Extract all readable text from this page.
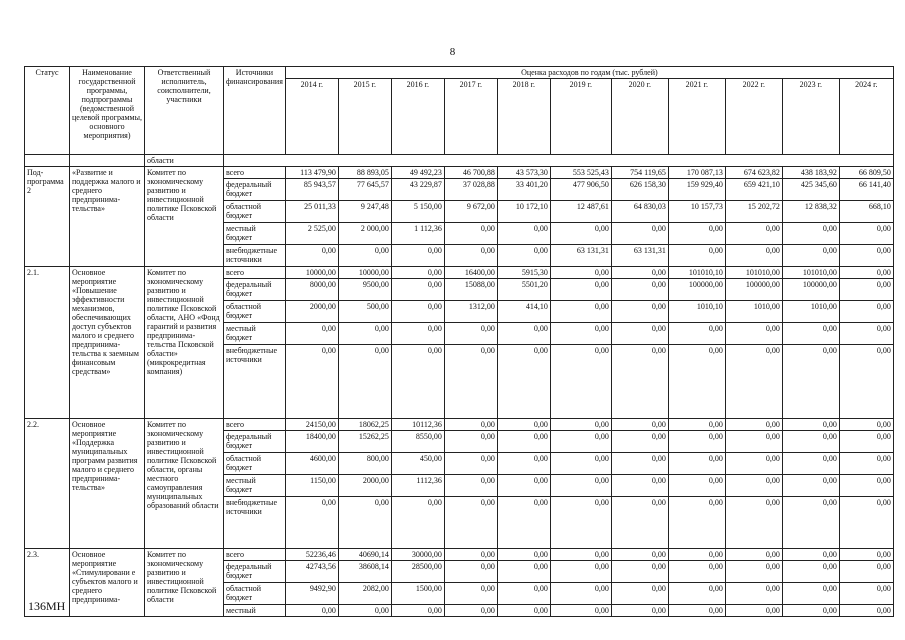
8
Статус	Наименование государственной программы, подпрограммы (ведомственной целевой программы, основного мероприятия)	Ответственный исполнитель, соисполнители, участники	Источники финансирования	Оценка расходов по годам (тыс. рублей)										
				2014 г.	2015 г.	2016 г.	2017 г.	2018 г.	2019 г.	2020 г.	2021 г.	2022 г.	2023 г.	2024 г.
		области												
Под-программа 2	«Развитие и поддержка малого и среднего предпринима-тельства»	Комитет по экономическому развитию и инвестиционной политике Псковской области	всего	113 479,90	88 893,05	49 492,23	46 700,88	43 573,30	553 525,43	754 119,65	170 087,13	674 623,82	438 183,92	66 809,50
			федеральный бюджет	85 943,57	77 645,57	43 229,87	37 028,88	33 401,20	477 906,50	626 158,30	159 929,40	659 421,10	425 345,60	66 141,40
			областной бюджет	25 011,33	9 247,48	5 150,00	9 672,00	10 172,10	12 487,61	64 830,03	10 157,73	15 202,72	12 838,32	668,10
			местный бюджет	2 525,00	2 000,00	1 112,36	0,00	0,00	0,00	0,00	0,00	0,00	0,00	0,00
			внебюджетные источники	0,00	0,00	0,00	0,00	0,00	63 131,31	63 131,31	0,00	0,00	0,00	0,00
2.1.	Основное мероприятие «Повышение эффективности механизмов, обеспечивающих доступ субъектов малого и среднего предпринима-тельства к заемным финансовым средствам»	Комитет по экономическому развитию и инвестиционной политике Псковской области, АНО «Фонд гарантий и развития предпринима-тельства Псковской области» (микрокредитная компания)	всего	10000,00	10000,00	0,00	16400,00	5915,30	0,00	0,00	101010,10	101010,00	101010,00	0,00
			федеральный бюджет	8000,00	9500,00	0,00	15088,00	5501,20	0,00	0,00	100000,00	100000,00	100000,00	0,00
			областной бюджет	2000,00	500,00	0,00	1312,00	414,10	0,00	0,00	1010,10	1010,00	1010,00	0,00
			местный бюджет	0,00	0,00	0,00	0,00	0,00	0,00	0,00	0,00	0,00	0,00	0,00
			внебюджетные источники	0,00	0,00	0,00	0,00	0,00	0,00	0,00	0,00	0,00	0,00	0,00
2.2.	Основное мероприятие «Поддержка муниципальных программ развития малого и среднего предпринима-тельства»	Комитет по экономическому развитию и инвестиционной политике Псковской области, органы местного самоуправления муниципальных образований области	всего	24150,00	18062,25	10112,36	0,00	0,00	0,00	0,00	0,00	0,00	0,00	0,00
			федеральный бюджет	18400,00	15262,25	8550,00	0,00	0,00	0,00	0,00	0,00	0,00	0,00	0,00
			областной бюджет	4600,00	800,00	450,00	0,00	0,00	0,00	0,00	0,00	0,00	0,00	0,00
			местный бюджет	1150,00	2000,00	1112,36	0,00	0,00	0,00	0,00	0,00	0,00	0,00	0,00
			внебюджетные источники	0,00	0,00	0,00	0,00	0,00	0,00	0,00	0,00	0,00	0,00	0,00
2.3.	Основное мероприятие «Стимулировани е субъектов малого и среднего предпринима-	Комитет по экономическому развитию и инвестиционной политике Псковской области	всего	52236,46	40690,14	30000,00	0,00	0,00	0,00	0,00	0,00	0,00	0,00	0,00
			федеральный бюджет	42743,56	38608,14	28500,00	0,00	0,00	0,00	0,00	0,00	0,00	0,00	0,00
			областной бюджет	9492,90	2082,00	1500,00	0,00	0,00	0,00	0,00	0,00	0,00	0,00	0,00
			местный	0,00	0,00	0,00	0,00	0,00	0,00	0,00	0,00	0,00	0,00	0,00
136МН
